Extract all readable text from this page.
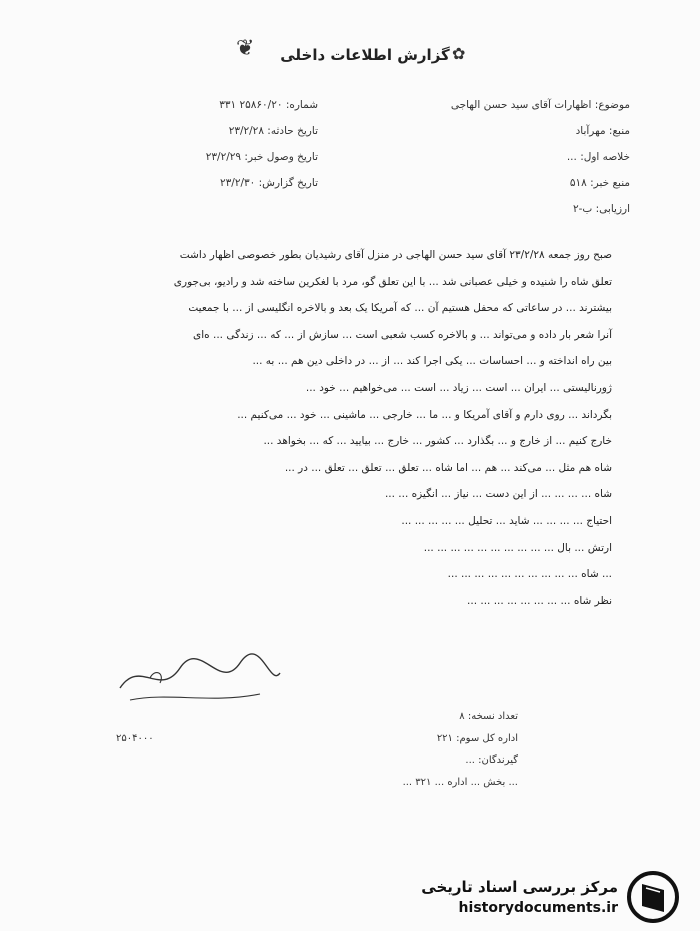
❦	✿
گزارش اطلاعات داخلی
موضوع: اظهارات آقای سید حسن الهاجی
منبع: مهرآباد
خلاصه اول: ...
منبع خبر: ۵۱۸
ارزیابی: ب-۲
شماره: ۲۵۸۶۰/۲۰ ۳۳۱
تاریخ حادثه: ۲۳/۲/۲۸
تاریخ وصول خبر: ۲۳/۲/۲۹
تاریخ گزارش: ۲۳/۲/۳۰

صبح روز جمعه ۲۳/۲/۲۸ آقای سید حسن الهاجی در منزل آقای رشیدیان بطور خصوصی اظهار داشت

تعلق شاه را شنیده و خیلی عصبانی شد ... با این تعلق گو، مرد با لغکرین ساخته شد و رادیو، بی‌جوری

بیشترند ... در ساعاتی که محفل هستیم آن ... که آمریکا یک بعد و بالاخره انگلیسی از ... با جمعیت

آنرا شعر بار داده و می‌تواند ... و بالاخره کسب شعبی است ... سازش از ... که ... زندگی ... ه‌ای

بین راه انداخته و ... احساسات ... یکی اجرا کند ... از ... در داخلی دین هم ... به ...

ژورنالیستی ... ایران ... است ... زیاد ... است ... می‌خواهیم ... خود ...

بگرداند ... روی دارم و آقای آمریکا و ... ما ... خارجی ... ماشینی ... خود ... می‌کنیم ...

خارج کنیم ... از خارج و ... بگذارد ... کشور ... خارج ... بیایید ... که ... بخواهد ...

شاه هم مثل ... می‌کند ... هم ... اما شاه ... تعلق ... تعلق ... تعلق ... در ...

شاه ... ... ... ... از این دست ... نیاز ... انگیزه ... ...

احتیاج ... ... ... ... شاید ... تحلیل ... ... ... ... ...

ارتش ... بال ... ... ... ... ... ... ... ... ... ...

... شاه ... ... ... ... ... ... ... ... ... ...

نظر شاه ... ... ... ... ... ... ... ...

تعداد نسخه: ۸
اداره کل سوم: ۲۲۱
گیرندگان: ...
... بخش ... اداره ... ۳۲۱ ...
۲۵۰۴۰۰۰
مرکز بررسی اسناد تاریخی
historydocuments.ir
